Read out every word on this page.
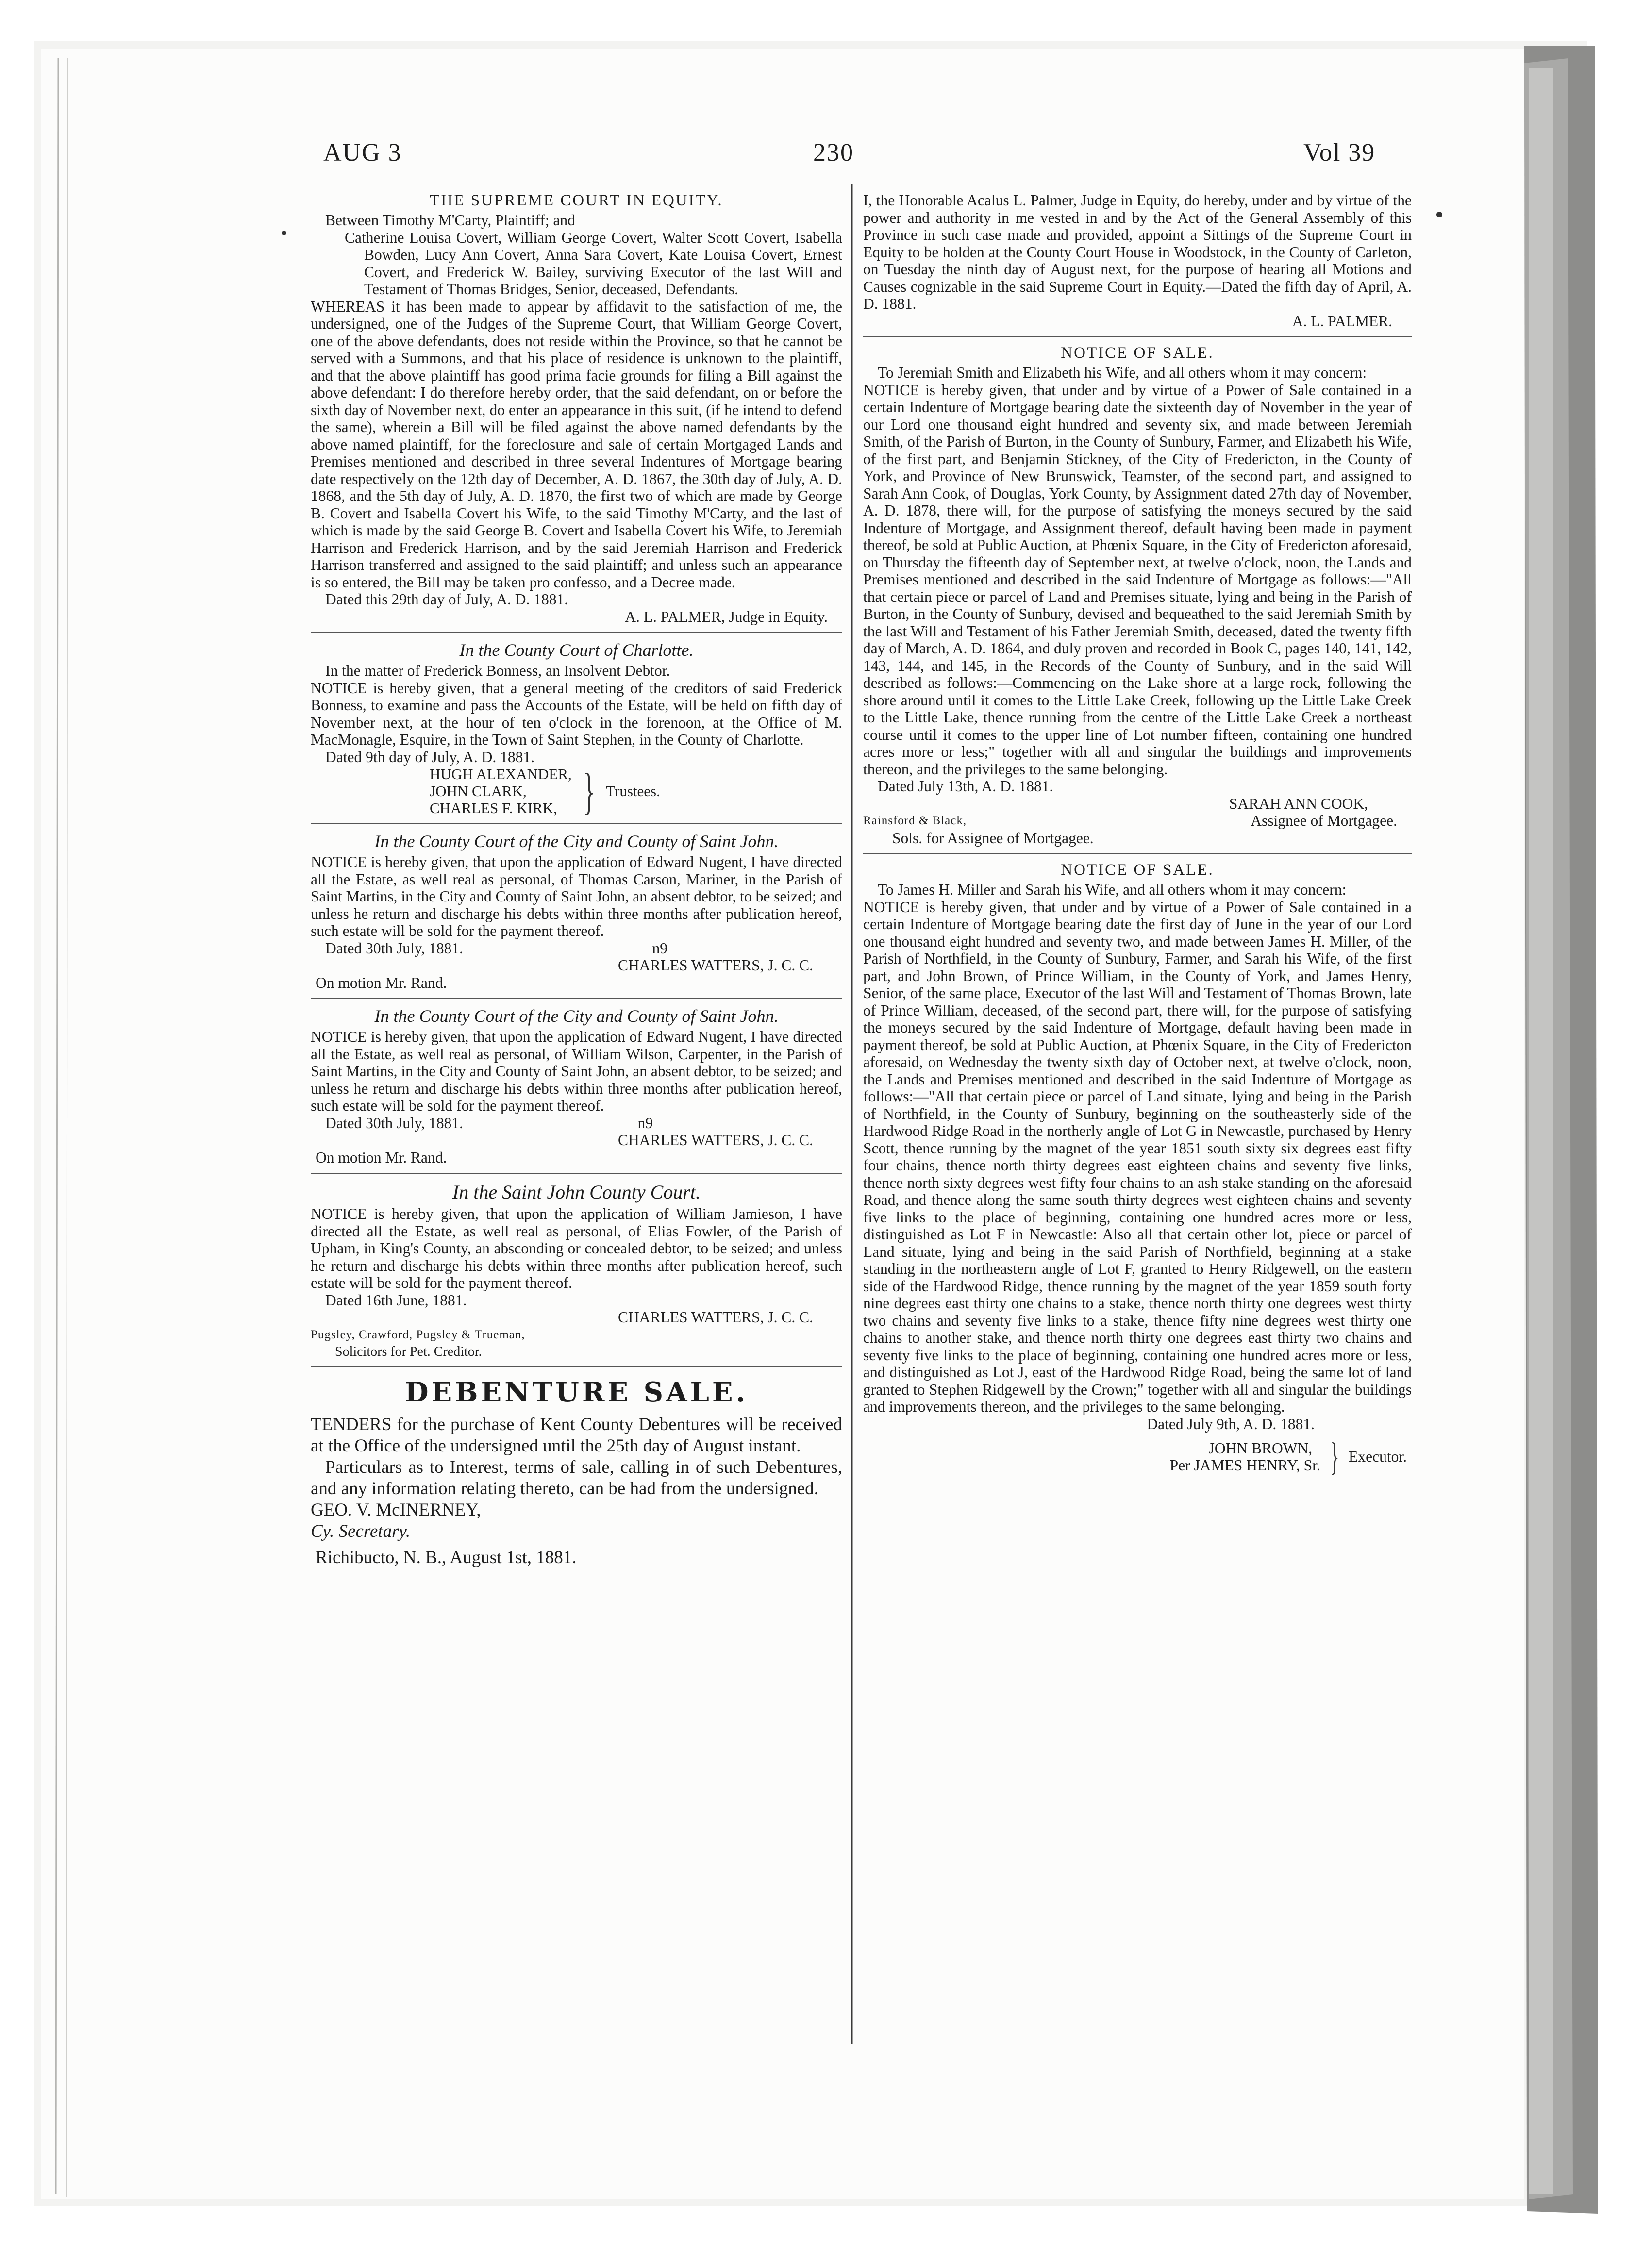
AUG 3	230	Vol 39

THE SUPREME COURT IN EQUITY.

Between Timothy M'Carty, Plaintiff; and

Catherine Louisa Covert, William George Covert, Walter Scott Covert, Isabella Bowden, Lucy Ann Covert, Anna Sara Covert, Kate Louisa Covert, Ernest Covert, and Frederick W. Bailey, surviving Executor of the last Will and Testament of Thomas Bridges, Senior, deceased, Defendants.

WHEREAS it has been made to appear by affidavit to the satisfaction of me, the undersigned, one of the Judges of the Supreme Court, that William George Covert, one of the above defendants, does not reside within the Province, so that he cannot be served with a Summons, and that his place of residence is unknown to the plaintiff, and that the above plaintiff has good prima facie grounds for filing a Bill against the above defendant: I do therefore hereby order, that the said defendant, on or before the sixth day of November next, do enter an appearance in this suit, (if he intend to defend the same), wherein a Bill will be filed against the above named defendants by the above named plaintiff, for the foreclosure and sale of certain Mortgaged Lands and Premises mentioned and described in three several Indentures of Mortgage bearing date respectively on the 12th day of December, A. D. 1867, the 30th day of July, A. D. 1868, and the 5th day of July, A. D. 1870, the first two of which are made by George B. Covert and Isabella Covert his Wife, to the said Timothy M'Carty, and the last of which is made by the said George B. Covert and Isabella Covert his Wife, to Jeremiah Harrison and Frederick Harrison, and by the said Jeremiah Harrison and Frederick Harrison transferred and assigned to the said plaintiff; and unless such an appearance is so entered, the Bill may be taken pro confesso, and a Decree made.

Dated this 29th day of July, A. D. 1881.

A. L. PALMER, Judge in Equity.

In the County Court of Charlotte.

In the matter of Frederick Bonness, an Insolvent Debtor.

NOTICE is hereby given, that a general meeting of the creditors of said Frederick Bonness, to examine and pass the Accounts of the Estate, will be held on fifth day of November next, at the hour of ten o'clock in the forenoon, at the Office of M. MacMonagle, Esquire, in the Town of Saint Stephen, in the County of Charlotte.

Dated 9th day of July, A. D. 1881.

HUGH ALEXANDER,
JOHN CLARK,
CHARLES F. KIRK, } Trustees.

In the County Court of the City and County of Saint John.

NOTICE is hereby given, that upon the application of Edward Nugent, I have directed all the Estate, as well real as personal, of Thomas Carson, Mariner, in the Parish of Saint Martins, in the City and County of Saint John, an absent debtor, to be seized; and unless he return and discharge his debts within three months after publication hereof, such estate will be sold for the payment thereof.

Dated 30th July, 1881.	n9

CHARLES WATTERS, J. C. C.

On motion Mr. Rand.

In the County Court of the City and County of Saint John.

NOTICE is hereby given, that upon the application of Edward Nugent, I have directed all the Estate, as well real as personal, of William Wilson, Carpenter, in the Parish of Saint Martins, in the City and County of Saint John, an absent debtor, to be seized; and unless he return and discharge his debts within three months after publication hereof, such estate will be sold for the payment thereof.

Dated 30th July, 1881.	n9

CHARLES WATTERS, J. C. C.

On motion Mr. Rand.

In the Saint John County Court.

NOTICE is hereby given, that upon the application of William Jamieson, I have directed all the Estate, as well real as personal, of Elias Fowler, of the Parish of Upham, in King's County, an absconding or concealed debtor, to be seized; and unless he return and discharge his debts within three months after publication hereof, such estate will be sold for the payment thereof.

Dated 16th June, 1881.

CHARLES WATTERS, J. C. C.

Pugsley, Crawford, Pugsley & Trueman,

Solicitors for Pet. Creditor.

DEBENTURE SALE.

TENDERS for the purchase of Kent County Debentures will be received at the Office of the undersigned until the 25th day of August instant.

Particulars as to Interest, terms of sale, calling in of such Debentures, and any information relating thereto, can be had from the undersigned.

GEO. V. McINERNEY,

Cy. Secretary.

Richibucto, N. B., August 1st, 1881.

I, the Honorable Acalus L. Palmer, Judge in Equity, do hereby, under and by virtue of the power and authority in me vested in and by the Act of the General Assembly of this Province in such case made and provided, appoint a Sittings of the Supreme Court in Equity to be holden at the County Court House in Woodstock, in the County of Carleton, on Tuesday the ninth day of August next, for the purpose of hearing all Motions and Causes cognizable in the said Supreme Court in Equity.—Dated the fifth day of April, A. D. 1881.

A. L. PALMER.

NOTICE OF SALE.

To Jeremiah Smith and Elizabeth his Wife, and all others whom it may concern:

NOTICE is hereby given, that under and by virtue of a Power of Sale contained in a certain Indenture of Mortgage bearing date the sixteenth day of November in the year of our Lord one thousand eight hundred and seventy six, and made between Jeremiah Smith, of the Parish of Burton, in the County of Sunbury, Farmer, and Elizabeth his Wife, of the first part, and Benjamin Stickney, of the City of Fredericton, in the County of York, and Province of New Brunswick, Teamster, of the second part, and assigned to Sarah Ann Cook, of Douglas, York County, by Assignment dated 27th day of November, A. D. 1878, there will, for the purpose of satisfying the moneys secured by the said Indenture of Mortgage, and Assignment thereof, default having been made in payment thereof, be sold at Public Auction, at Phœnix Square, in the City of Fredericton aforesaid, on Thursday the fifteenth day of September next, at twelve o'clock, noon, the Lands and Premises mentioned and described in the said Indenture of Mortgage as follows:—"All that certain piece or parcel of Land and Premises situate, lying and being in the Parish of Burton, in the County of Sunbury, devised and bequeathed to the said Jeremiah Smith by the last Will and Testament of his Father Jeremiah Smith, deceased, dated the twenty fifth day of March, A. D. 1864, and duly proven and recorded in Book C, pages 140, 141, 142, 143, 144, and 145, in the Records of the County of Sunbury, and in the said Will described as follows:—Commencing on the Lake shore at a large rock, following the shore around until it comes to the Little Lake Creek, following up the Little Lake Creek to the Little Lake, thence running from the centre of the Little Lake Creek a northeast course until it comes to the upper line of Lot number fifteen, containing one hundred acres more or less;" together with all and singular the buildings and improvements thereon, and the privileges to the same belonging.

Dated July 13th, A. D. 1881.

SARAH ANN COOK,

Rainsford & Black,	Assignee of Mortgagee.

Sols. for Assignee of Mortgagee.

NOTICE OF SALE.

To James H. Miller and Sarah his Wife, and all others whom it may concern:

NOTICE is hereby given, that under and by virtue of a Power of Sale contained in a certain Indenture of Mortgage bearing date the first day of June in the year of our Lord one thousand eight hundred and seventy two, and made between James H. Miller, of the Parish of Northfield, in the County of Sunbury, Farmer, and Sarah his Wife, of the first part, and John Brown, of Prince William, in the County of York, and James Henry, Senior, of the same place, Executor of the last Will and Testament of Thomas Brown, late of Prince William, deceased, of the second part, there will, for the purpose of satisfying the moneys secured by the said Indenture of Mortgage, default having been made in payment thereof, be sold at Public Auction, at Phœnix Square, in the City of Fredericton aforesaid, on Wednesday the twenty sixth day of October next, at twelve o'clock, noon, the Lands and Premises mentioned and described in the said Indenture of Mortgage as follows:—"All that certain piece or parcel of Land situate, lying and being in the Parish of Northfield, in the County of Sunbury, beginning on the southeasterly side of the Hardwood Ridge Road in the northerly angle of Lot G in Newcastle, purchased by Henry Scott, thence running by the magnet of the year 1851 south sixty six degrees east fifty four chains, thence north thirty degrees east eighteen chains and seventy five links, thence north sixty degrees west fifty four chains to an ash stake standing on the aforesaid Road, and thence along the same south thirty degrees west eighteen chains and seventy five links to the place of beginning, containing one hundred acres more or less, distinguished as Lot F in Newcastle: Also all that certain other lot, piece or parcel of Land situate, lying and being in the said Parish of Northfield, beginning at a stake standing in the northeastern angle of Lot F, granted to Henry Ridgewell, on the eastern side of the Hardwood Ridge, thence running by the magnet of the year 1859 south forty nine degrees east thirty one chains to a stake, thence north thirty one degrees west thirty two chains and seventy five links to a stake, thence fifty nine degrees west thirty one chains to another stake, and thence north thirty one degrees east thirty two chains and seventy five links to the place of beginning, containing one hundred acres more or less, and distinguished as Lot J, east of the Hardwood Ridge Road, being the same lot of land granted to Stephen Ridgewell by the Crown;" together with all and singular the buildings and improvements thereon, and the privileges to the same belonging.

Dated July 9th, A. D. 1881.

JOHN BROWN,
Per JAMES HENRY, Sr. } Executor.
